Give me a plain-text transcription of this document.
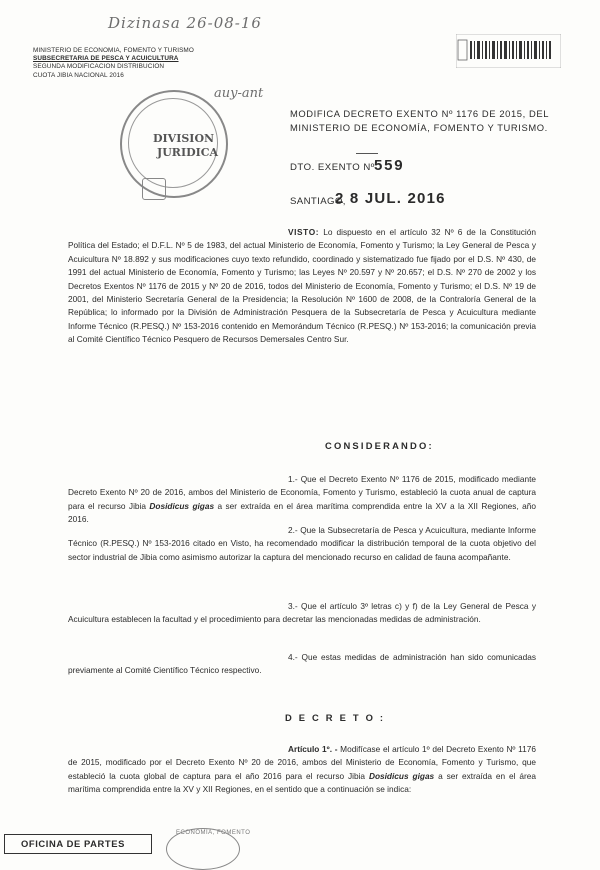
Dizinasa 26-08-16
auy-ant
MINISTERIO DE ECONOMIA, FOMENTO Y TURISMO
SUBSECRETARIA DE PESCA Y ACUICULTURA
SEGUNDA MODIFICACION DISTRIBUCION
CUOTA JIBIA NACIONAL 2016
DIVISION
JURIDICA
MODIFICA DECRETO EXENTO Nº 1176 DE 2015, DEL MINISTERIO DE ECONOMÍA, FOMENTO Y TURISMO.
DTO. EXENTO Nº 559
SANTIAGO,
2 8 JUL. 2016
VISTO: Lo dispuesto en el artículo 32 Nº 6 de la Constitución Política del Estado; el D.F.L. Nº 5 de 1983, del actual Ministerio de Economía, Fomento y Turismo; la Ley General de Pesca y Acuicultura Nº 18.892 y sus modificaciones cuyo texto refundido, coordinado y sistematizado fue fijado por el D.S. Nº 430, de 1991 del actual Ministerio de Economía, Fomento y Turismo; las Leyes Nº 20.597 y Nº 20.657; el D.S. Nº 270 de 2002 y los Decretos Exentos Nº 1176 de 2015 y Nº 20 de 2016, todos del Ministerio de Economía, Fomento y Turismo; el D.S. Nº 19 de 2001, del Ministerio Secretaría General de la Presidencia; la Resolución Nº 1600 de 2008, de la Contraloría General de la República; lo informado por la División de Administración Pesquera de la Subsecretaría de Pesca y Acuicultura mediante Informe Técnico (R.PESQ.) Nº 153-2016 contenido en Memorándum Técnico (R.PESQ.) Nº 153-2016; la comunicación previa al Comité Científico Técnico Pesquero de Recursos Demersales Centro Sur.
CONSIDERANDO:
1.- Que el Decreto Exento Nº 1176 de 2015, modificado mediante Decreto Exento Nº 20 de 2016, ambos del Ministerio de Economía, Fomento y Turismo, estableció la cuota anual de captura para el recurso Jibia Dosidicus gigas a ser extraída en el área marítima comprendida entre la XV a la XII Regiones, año 2016.
2.- Que la Subsecretaría de Pesca y Acuicultura, mediante Informe Técnico (R.PESQ.) Nº 153-2016 citado en Visto, ha recomendado modificar la distribución temporal de la cuota objetivo del sector industrial de Jibia como asimismo autorizar la captura del mencionado recurso en calidad de fauna acompañante.
3.- Que el artículo 3º letras c) y f) de la Ley General de Pesca y Acuicultura establecen la facultad y el procedimiento para decretar las mencionadas medidas de administración.
4.- Que estas medidas de administración han sido comunicadas previamente al Comité Científico Técnico respectivo.
D E C R E T O :
Artículo 1º. - Modifícase el artículo 1º del Decreto Exento Nº 1176 de 2015, modificado por el Decreto Exento Nº 20 de 2016, ambos del Ministerio de Economía, Fomento y Turismo, que estableció la cuota global de captura para el año 2016 para el recurso Jibia Dosidicus gigas a ser extraída en el área marítima comprendida entre la XV y XII Regiones, en el sentido que a continuación se indica:
OFICINA DE PARTES
ECONOMIA, FOMENTO
